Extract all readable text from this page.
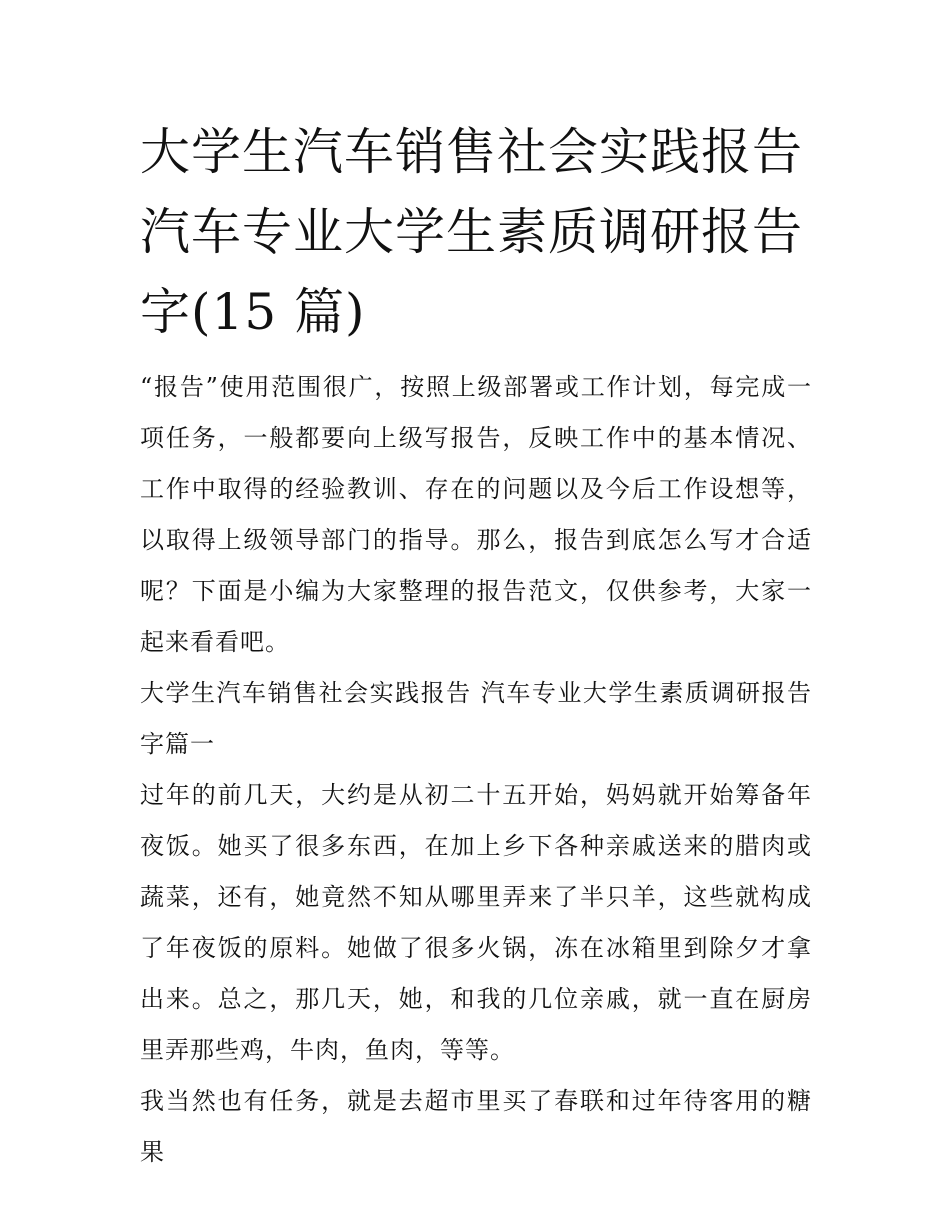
大学生汽车销售社会实践报告
汽车专业大学生素质调研报告
字(15 篇)

“报告”使用范围很广，按照上级部署或工作计划，每完成一项任务，一般都要向上级写报告，反映工作中的基本情况、工作中取得的经验教训、存在的问题以及今后工作设想等，以取得上级领导部门的指导。那么，报告到底怎么写才合适呢？下面是小编为大家整理的报告范文，仅供参考，大家一起来看看吧。

大学生汽车销售社会实践报告 汽车专业大学生素质调研报告字篇一

过年的前几天，大约是从初二十五开始，妈妈就开始筹备年夜饭。她买了很多东西，在加上乡下各种亲戚送来的腊肉或蔬菜，还有，她竟然不知从哪里弄来了半只羊，这些就构成了年夜饭的原料。她做了很多火锅，冻在冰箱里到除夕才拿出来。总之，那几天，她，和我的几位亲戚，就一直在厨房里弄那些鸡，牛肉，鱼肉，等等。

我当然也有任务，就是去超市里买了春联和过年待客用的糖果
